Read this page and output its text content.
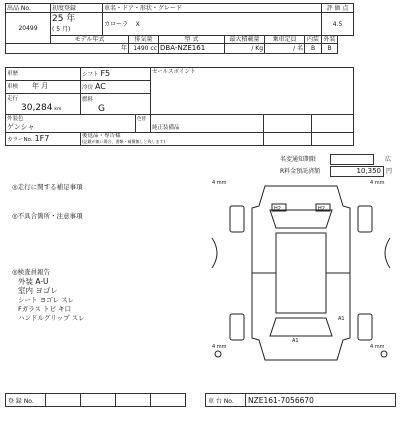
出品 No.	初度登録	車名・ドア・形状・グレード						評 価 点
20499	25 年
( 5 月)	カローラ X						4.5
	モデル年式		排気量	型 式	最大積載量	乗車定員	内装	外装
年			1490 cc	DBA-NZE161	/ Kg	/ 名	B	B
車歴	シフト F5		セールスポイント		
車検 年 月	冷房 AC				
走行
30,284 km	燃料
G				
外装色
ゲンシャ		色替	純正装備品		
カラーNo. 1F7	後退品・専告様
(記載が無い場合、書類・補償無しと致します)				
名変通知期限	広
R料金預託済額	10,350 円
◎走行に関する補足事項
◎不具合箇所・注意事項
◎検査員報告
外装 A-U
室内 ヨゴレ
シート ヨゴレ スレ
Fガラス トビ キ口
ハンドルグリップ スレ
4 mm	4 mm
4 mm	4 mm
H2	H2
A1
A1
登 録 No.						車 台 No.	NZE161-7056670
